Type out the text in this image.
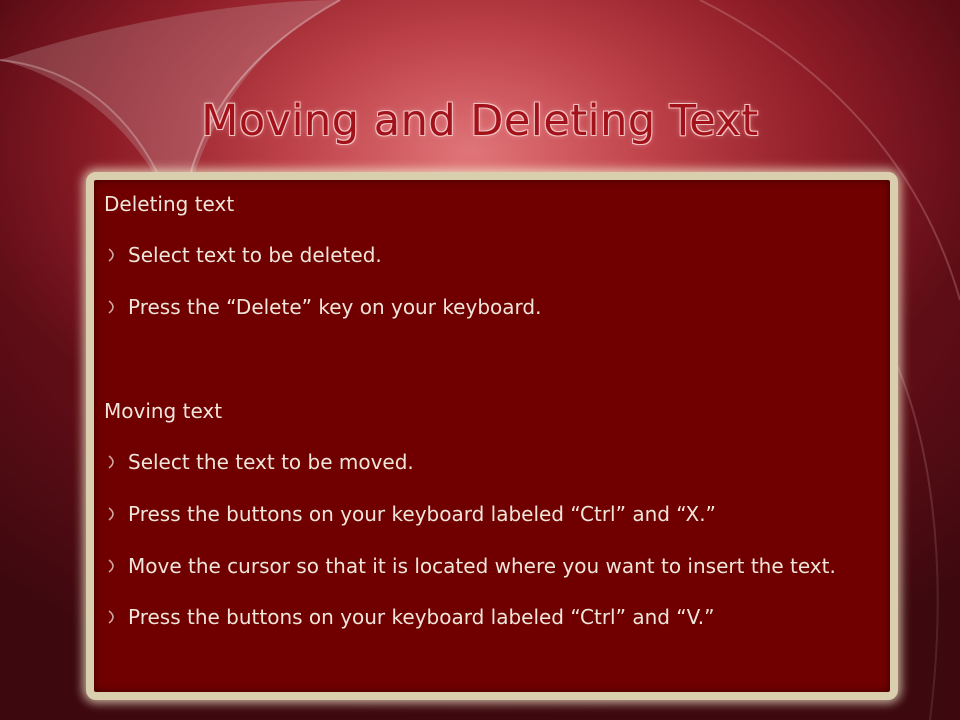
Moving and Deleting Text
Deleting text
Select text to be deleted.
Press the “Delete” key on your keyboard.
Moving text
Select the text to be moved.
Press the buttons on your keyboard labeled “Ctrl” and “X.”
Move the cursor so that it is located where you want to insert the text.
Press the buttons on your keyboard labeled “Ctrl” and “V.”
